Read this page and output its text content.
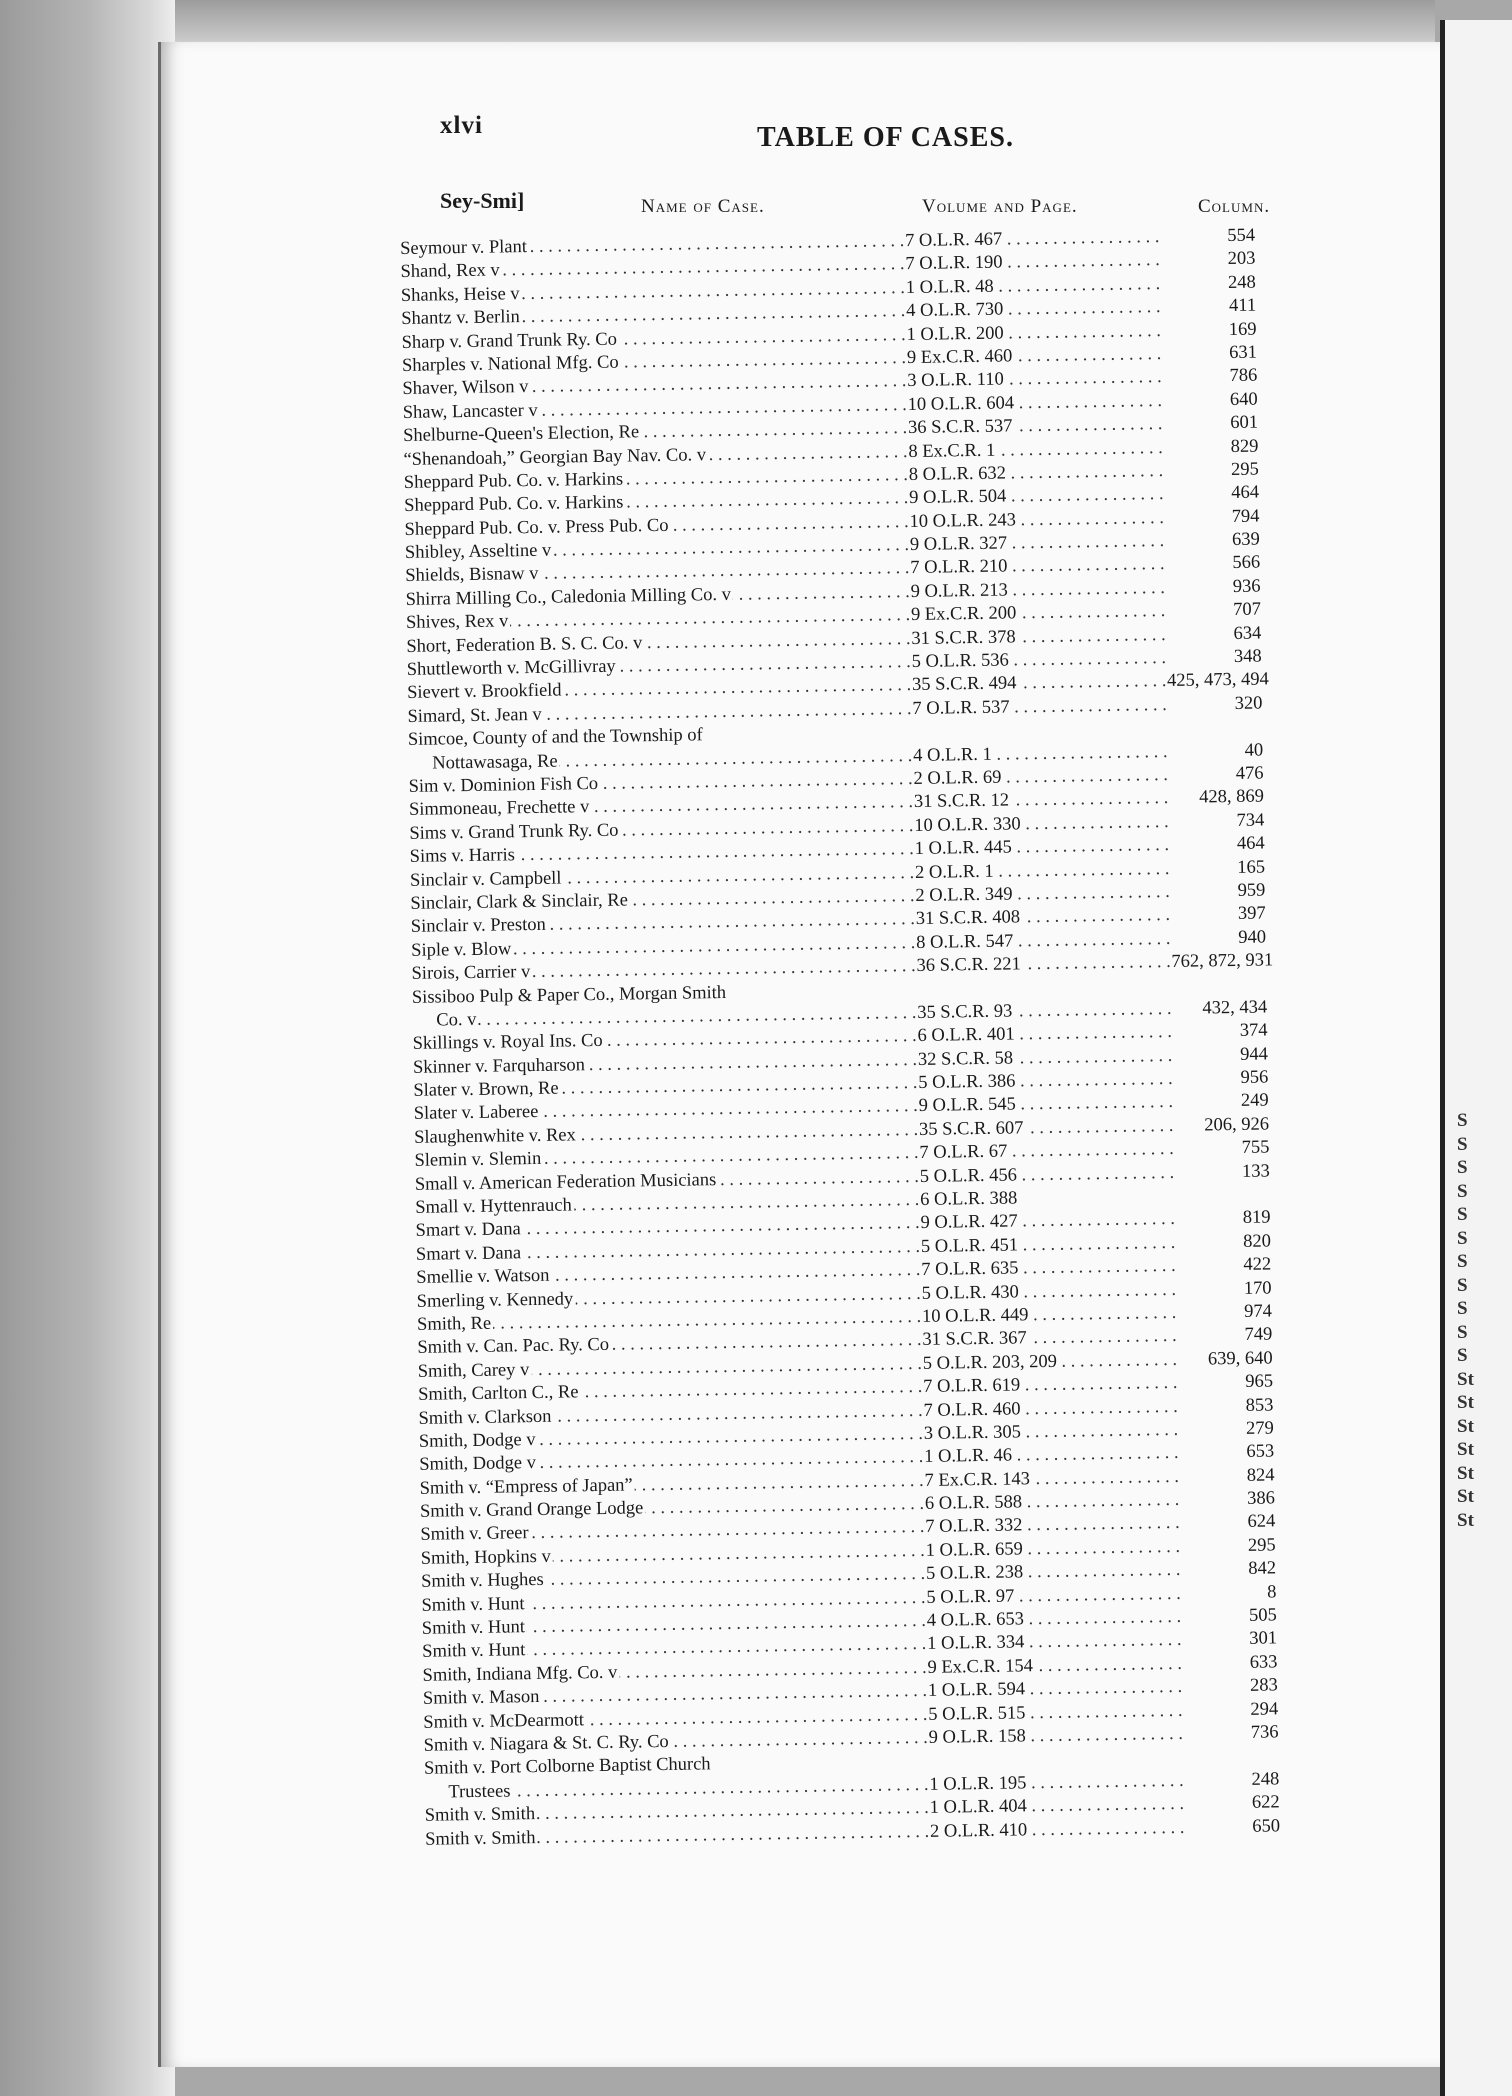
S
S
S
S
S
S
S
S
S
S
S
St
St
St
St
St
St
St
xlvi	TABLE OF CASES.
Sey-Smi]	Name of Case.	Volume and Page.	Column.
Seymour v. Plant . . .	7 O.L.R. 467 . . .	554
Shand, Rex v . . .	7 O.L.R. 190 . . .	203
Shanks, Heise v . . .	1 O.L.R. 48 . . .	248
Shantz v. Berlin . . .	4 O.L.R. 730 . . .	411
Sharp v. Grand Trunk Ry. Co . . .	1 O.L.R. 200 . . .	169
Sharples v. National Mfg. Co . . .	9 Ex.C.R. 460 . . .	631
Shaver, Wilson v . . .	3 O.L.R. 110 . . .	786
Shaw, Lancaster v . . .	10 O.L.R. 604 . . .	640
Shelburne-Queen's Election, Re . . .	36 S.C.R. 537 . . .	601
“Shenandoah,” Georgian Bay Nav. Co. v . . .	8 Ex.C.R. 1 . . .	829
Sheppard Pub. Co. v. Harkins . . .	8 O.L.R. 632 . . .	295
Sheppard Pub. Co. v. Harkins . . .	9 O.L.R. 504 . . .	464
Sheppard Pub. Co. v. Press Pub. Co . . .	10 O.L.R. 243 . . .	794
Shibley, Asseltine v . . .	9 O.L.R. 327 . . .	639
Shields, Bisnaw v . . .	7 O.L.R. 210 . . .	566
Shirra Milling Co., Caledonia Milling Co. v . . .	9 O.L.R. 213 . . .	936
Shives, Rex v . . .	9 Ex.C.R. 200 . . .	707
Short, Federation B. S. C. Co. v . . .	31 S.C.R. 378 . . .	634
Shuttleworth v. McGillivray . . .	5 O.L.R. 536 . . .	348
Sievert v. Brookfield . . .	35 S.C.R. 494 . . .	425, 473, 494
Simard, St. Jean v . . .	7 O.L.R. 537 . . .	320
Simcoe, County of and the Township of
Nottawasaga, Re . . .	4 O.L.R. 1 . . .	40
Sim v. Dominion Fish Co . . .	2 O.L.R. 69 . . .	476
Simmoneau, Frechette v . . .	31 S.C.R. 12 . . .	428, 869
Sims v. Grand Trunk Ry. Co . . .	10 O.L.R. 330 . . .	734
Sims v. Harris . . .	1 O.L.R. 445 . . .	464
Sinclair v. Campbell . . .	2 O.L.R. 1 . . .	165
Sinclair, Clark & Sinclair, Re . . .	2 O.L.R. 349 . . .	959
Sinclair v. Preston . . .	31 S.C.R. 408 . . .	397
Siple v. Blow . . .	8 O.L.R. 547 . . .	940
Sirois, Carrier v . . .	36 S.C.R. 221 . . .	762, 872, 931
Sissiboo Pulp & Paper Co., Morgan Smith
Co. v . . .	35 S.C.R. 93 . . .	432, 434
Skillings v. Royal Ins. Co . . .	6 O.L.R. 401 . . .	374
Skinner v. Farquharson . . .	32 S.C.R. 58 . . .	944
Slater v. Brown, Re . . .	5 O.L.R. 386 . . .	956
Slater v. Laberee . . .	9 O.L.R. 545 . . .	249
Slaughenwhite v. Rex . . .	35 S.C.R. 607 . . .	206, 926
Slemin v. Slemin . . .	7 O.L.R. 67 . . .	755
Small v. American Federation Musicians . . .	5 O.L.R. 456 . . .	133
Small v. Hyttenrauch . . .	6 O.L.R. 388
Smart v. Dana . . .	9 O.L.R. 427 . . .	819
Smart v. Dana . . .	5 O.L.R. 451 . . .	820
Smellie v. Watson . . .	7 O.L.R. 635 . . .	422
Smerling v. Kennedy . . .	5 O.L.R. 430 . . .	170
Smith, Re . . .	10 O.L.R. 449 . . .	974
Smith v. Can. Pac. Ry. Co . . .	31 S.C.R. 367 . . .	749
Smith, Carey v . . .	5 O.L.R. 203, 209 . . .	639, 640
Smith, Carlton C., Re . . .	7 O.L.R. 619 . . .	965
Smith v. Clarkson . . .	7 O.L.R. 460 . . .	853
Smith, Dodge v . . .	3 O.L.R. 305 . . .	279
Smith, Dodge v . . .	1 O.L.R. 46 . . .	653
Smith v. “Empress of Japan” . . .	7 Ex.C.R. 143 . . .	824
Smith v. Grand Orange Lodge . . .	6 O.L.R. 588 . . .	386
Smith v. Greer . . .	7 O.L.R. 332 . . .	624
Smith, Hopkins v . . .	1 O.L.R. 659 . . .	295
Smith v. Hughes . . .	5 O.L.R. 238 . . .	842
Smith v. Hunt . . .	5 O.L.R. 97 . . .	8
Smith v. Hunt . . .	4 O.L.R. 653 . . .	505
Smith v. Hunt . . .	1 O.L.R. 334 . . .	301
Smith, Indiana Mfg. Co. v . . .	9 Ex.C.R. 154 . . .	633
Smith v. Mason . . .	1 O.L.R. 594 . . .	283
Smith v. McDearmott . . .	5 O.L.R. 515 . . .	294
Smith v. Niagara & St. C. Ry. Co . . .	9 O.L.R. 158 . . .	736
Smith v. Port Colborne Baptist Church
Trustees . . .	1 O.L.R. 195 . . .	248
Smith v. Smith . . .	1 O.L.R. 404 . . .	622
Smith v. Smith . . .	2 O.L.R. 410 . . .	650
